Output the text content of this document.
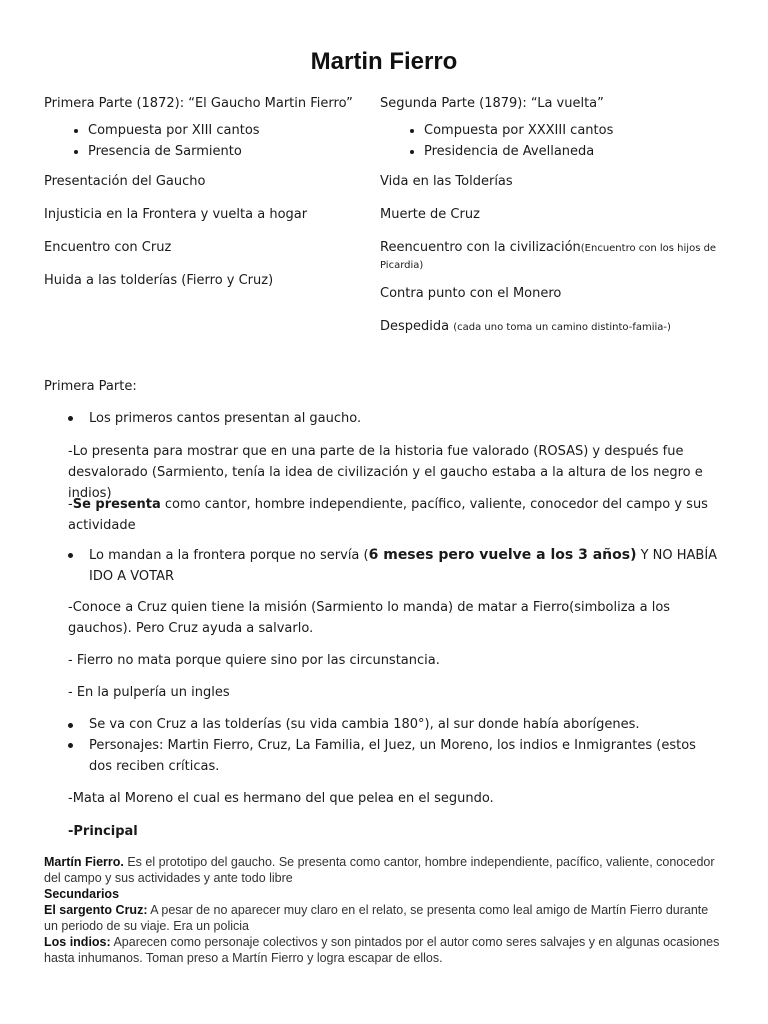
Martin Fierro
Primera Parte (1872): “El Gaucho Martin Fierro”
• Compuesta por XIII cantos
• Presencia de Sarmiento
Presentación del Gaucho
Injusticia en la Frontera y vuelta a hogar
Encuentro con Cruz
Huida a las tolderías (Fierro y Cruz)
Segunda Parte (1879): “La vuelta”
• Compuesta por XXXIII cantos
• Presidencia de Avellaneda
Vida en las Tolderías
Muerte de Cruz
Reencuentro con la civilización(Encuentro con los hijos de Picardia)
Contra punto con el Monero
Despedida (cada uno toma un camino distinto-famiia-)
Primera Parte:
Los primeros cantos presentan al gaucho.
-Lo presenta para mostrar que en una parte de la historia fue valorado (ROSAS) y después fue desvalorado (Sarmiento, tenía la idea de civilización y el gaucho estaba a la altura de los negro e indios)
-Se presenta como cantor, hombre independiente, pacífico, valiente, conocedor del campo y sus actividade
Lo mandan a la frontera porque no servía (6 meses pero vuelve a los 3 años) Y NO HABÍA IDO A VOTAR
-Conoce a Cruz quien tiene la misión (Sarmiento lo manda) de matar a Fierro(simboliza a los gauchos). Pero Cruz ayuda a salvarlo.
- Fierro no mata porque quiere sino por las circunstancia.
- En la pulpería un ingles
Se va con Cruz a las tolderías (su vida cambia 180°), al sur donde había aborígenes.
Personajes: Martin Fierro, Cruz, La Familia, el Juez, un Moreno, los indios e Inmigrantes (estos dos reciben críticas.
-Mata al Moreno el cual es hermano del que pelea en el segundo.
-Principal
Martín Fierro. Es el prototipo del gaucho. Se presenta como cantor, hombre independiente, pacífico, valiente, conocedor del campo y sus actividades y ante todo libre
Secundarios
El sargento Cruz: A pesar de no aparecer muy claro en el relato, se presenta como leal amigo de Martín Fierro durante un periodo de su viaje. Era un policia
Los indios: Aparecen como personaje colectivos y son pintados por el autor como seres salvajes y en algunas ocasiones hasta inhumanos. Toman preso a Martín Fierro y logra escapar de ellos.
